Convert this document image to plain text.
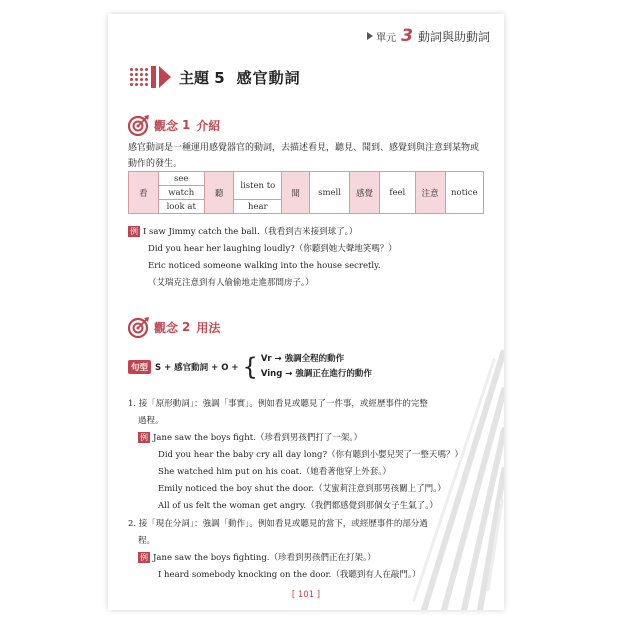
單元 3 動詞與助動詞
主題 5 感官動詞
觀念 1 介紹
感官動詞是一種運用感覺器官的動詞，去描述看見，聽見、聞到、感覺到與注意到某物或動作的發生。
看	see	聽	listen to	聞	smell	感覺	feel	注意	notice
	watch								
	look at		hear						
例 I saw Jimmy catch the ball.（我看到吉米接到球了。）
Did you hear her laughing loudly?（你聽到她大聲地笑嗎？）
Eric noticed someone walking into the house secretly.
（艾瑞克注意到有人偷偷地走進那間房子。）
觀念 2 用法
句型 S + 感官動詞 + O + { Vr → 強調全程的動作
Ving → 強調正在進行的動作
1. 接「原形動詞」：強調「事實」。例如看見或聽見了一件事，或經歷事件的完整
過程。
例 Jane saw the boys fight.（珍看到男孩們打了一架。）
Did you hear the baby cry all day long?（你有聽到小嬰兒哭了一整天嗎？）
She watched him put on his coat.（她看著他穿上外套。）
Emily noticed the boy shut the door.（艾蜜莉注意到那男孩關上了門。）
All of us felt the woman get angry.（我們都感覺到那個女子生氣了。）
2. 接「現在分詞」：強調「動作」。例如看見或聽見的當下，或經歷事件的部分過
程。
例 Jane saw the boys fighting.（珍看到男孩們正在打架。）
I heard somebody knocking on the door.（我聽到有人在敲門。）
[ 101 ]
